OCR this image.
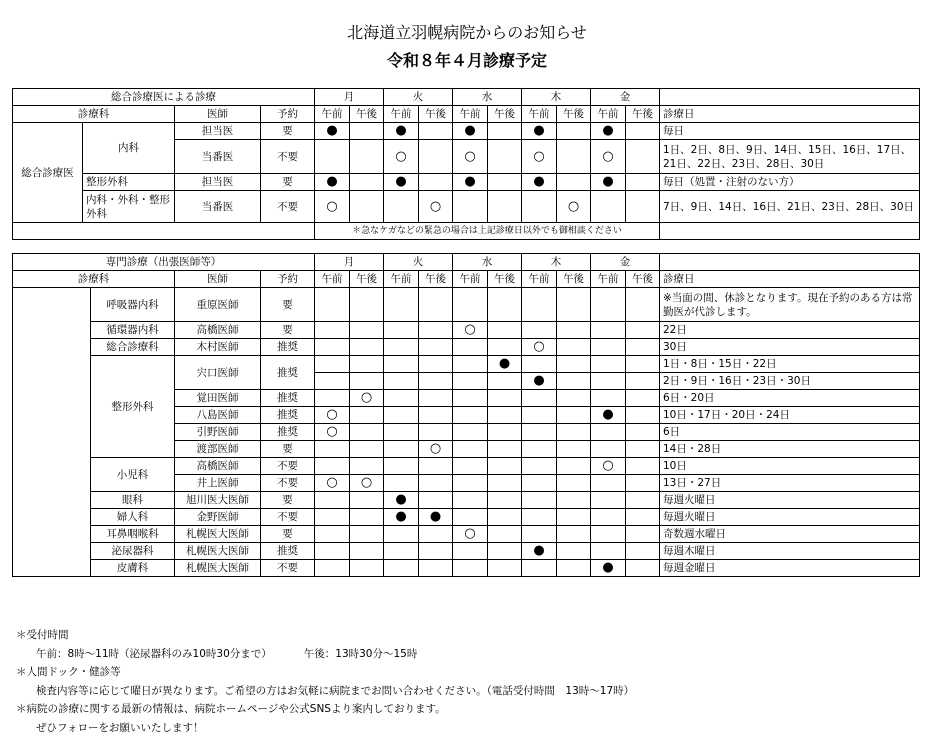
北海道立羽幌病院からのお知らせ
令和８年４月診療予定
総合診療医による診療				月		火		水		木		金		
診療科		医師	予約	午前	午後	午前	午後	午前	午後	午前	午後	午前	午後	診療日
総合診療医	内科	担当医	要	●		●		●		●		●		毎日
		当番医	不要			○		○		○		○		1日、2日、8日、9日、14日、15日、16日、17日、21日、22日、23日、28日、30日
	整形外科	担当医	要	●		●		●		●		●		毎日（処置・注射のない方）
	内科・外科・整形外科	当番医	不要	○			○				○			7日、9日、14日、16日、21日、23日、28日、30日
				＊急なケガなどの緊急の場合は上記診療日以外でも御相談ください										
専門診療（出張医師等）				月		火		水		木		金		
診療科		医師	予約	午前	午後	午前	午後	午前	午後	午前	午後	午前	午後	診療日
	呼吸器内科	重原医師	要											※当面の間、休診となります。現在予約のある方は常勤医が代診します。
	循環器内科	高橋医師	要					○						22日
	総合診療科	木村医師	推奨							○				30日
	整形外科	宍口医師	推奨						●					1日・8日・15日・22日
										●				2日・9日・16日・23日・30日
		覚田医師	推奨		○									6日・20日
		八島医師	推奨	○								●		10日・17日・20日・24日
		引野医師	推奨	○										6日
		渡部医師	要				○							14日・28日
	小児科	高橋医師	不要									○		10日
		井上医師	不要	○	○									13日・27日
	眼科	旭川医大医師	要			●								毎週火曜日
	婦人科	金野医師	不要			●	●							毎週火曜日
	耳鼻咽喉科	札幌医大医師	要					○						奇数週水曜日
	泌尿器科	札幌医大医師	推奨							●				毎週木曜日
	皮膚科	札幌医大医師	不要									●		毎週金曜日

＊受付時間

午前：8時～11時（泌尿器科のみ10時30分まで）	午後：13時30分～15時

＊人間ドック・健診等

検査内容等に応じて曜日が異なります。ご希望の方はお気軽に病院までお問い合わせください。（電話受付時間　13時～17時）

＊病院の診療に関する最新の情報は、病院ホームページや公式SNSより案内しております。

ぜひフォローをお願いいたします！
